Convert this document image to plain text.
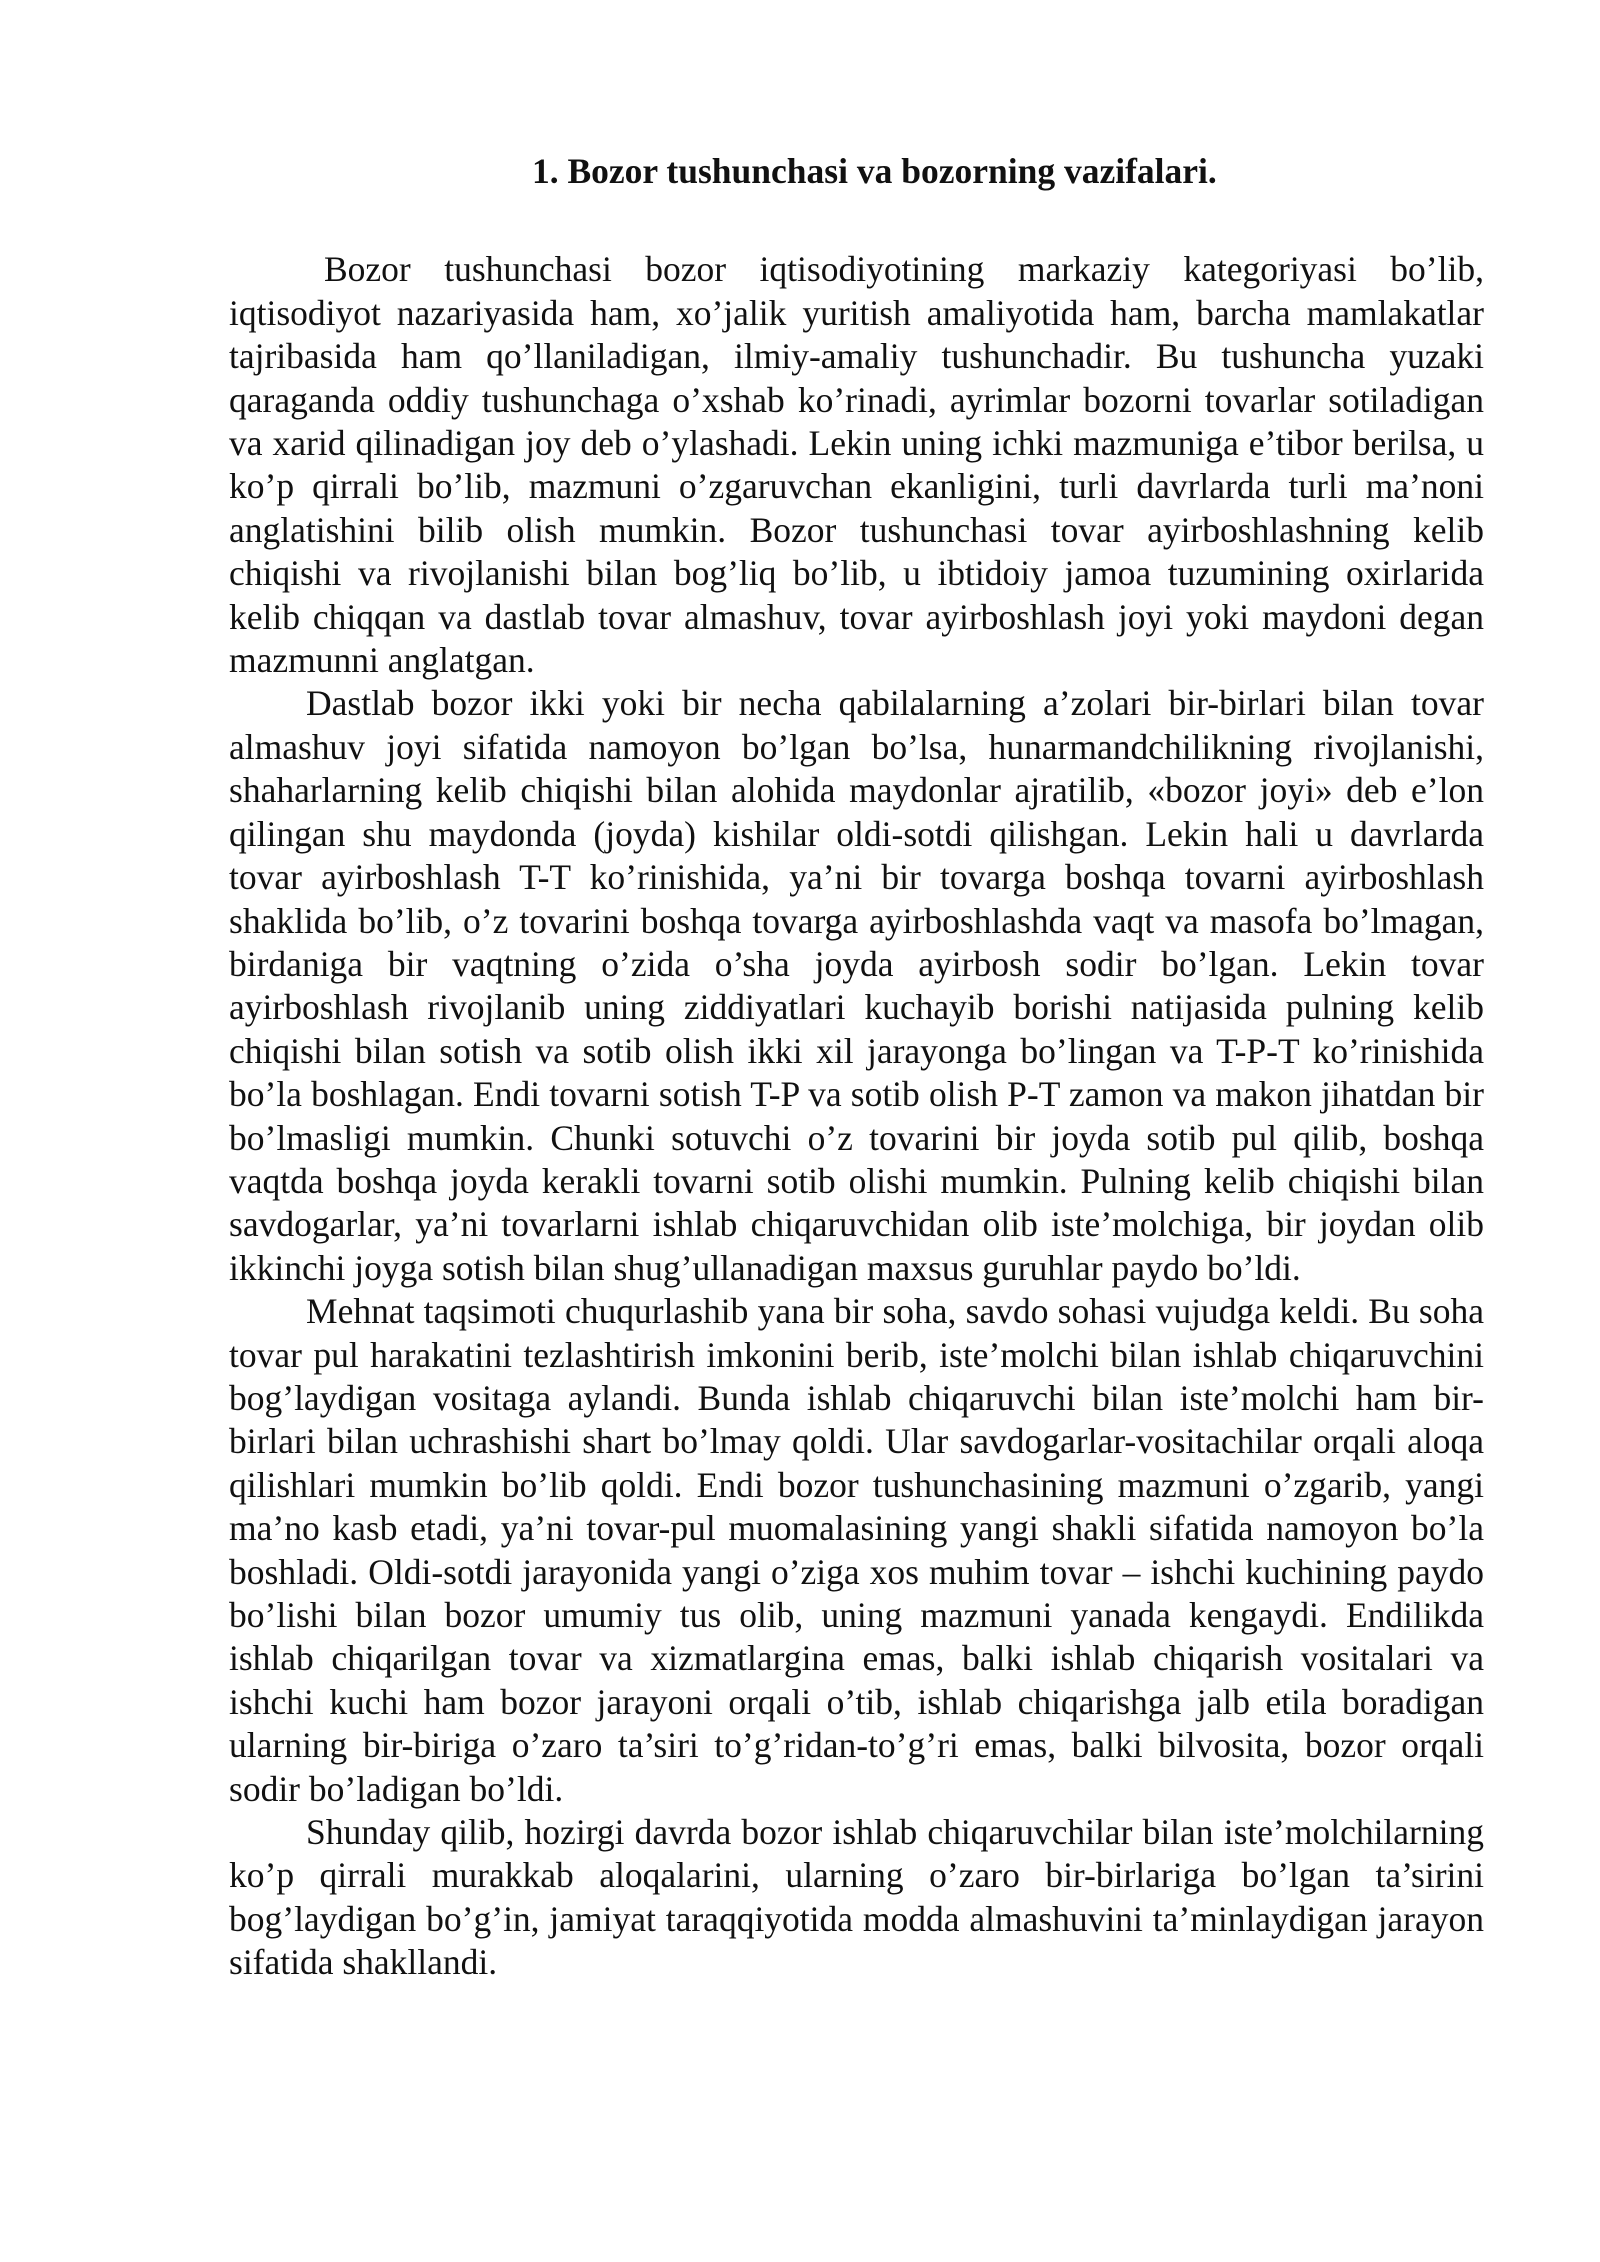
1. Bozor tushunchasi va bozorning vazifalari.

Bozor tushunchasi bozor iqtisodiyotining markaziy kategoriyasi bo’lib, iqtisodiyot nazariyasida ham, xo’jalik yuritish amaliyotida ham, barcha mamlakatlar tajribasida ham qo’llaniladigan, ilmiy-amaliy tushunchadir. Bu tushuncha yuzaki qaraganda oddiy tushunchaga o’xshab ko’rinadi, ayrimlar bozorni tovarlar sotiladigan va xarid qilinadigan joy deb o’ylashadi. Lekin uning ichki mazmuniga e’tibor berilsa, u ko’p qirrali bo’lib, mazmuni o’zgaruvchan ekanligini, turli davrlarda turli ma’noni anglatishini bilib olish mumkin. Bozor tushunchasi tovar ayirboshlashning kelib chiqishi va rivojlanishi bilan bog’liq bo’lib, u ibtidoiy jamoa tuzumining oxirlarida kelib chiqqan va dastlab tovar almashuv, tovar ayirboshlash joyi yoki maydoni degan mazmunni anglatgan.

Dastlab bozor ikki yoki bir necha qabilalarning a’zolari bir-birlari bilan tovar almashuv joyi sifatida namoyon bo’lgan bo’lsa, hunarmandchilikning rivojlanishi, shaharlarning kelib chiqishi bilan alohida maydonlar ajratilib, «bozor joyi» deb e’lon qilingan shu maydonda (joyda) kishilar oldi-sotdi qilishgan. Lekin hali u davrlarda tovar ayirboshlash T-T ko’rinishida, ya’ni bir tovarga boshqa tovarni ayirboshlash shaklida bo’lib, o’z tovarini boshqa tovarga ayirboshlashda vaqt va masofa bo’lmagan, birdaniga bir vaqtning o’zida o’sha joyda ayirbosh sodir bo’lgan. Lekin tovar ayirboshlash rivojlanib uning ziddiyatlari kuchayib borishi natijasida pulning kelib chiqishi bilan sotish va sotib olish ikki xil jarayonga bo’lingan va T-P-T ko’rinishida bo’la boshlagan. Endi tovarni sotish T-P va sotib olish P-T zamon va makon jihatdan bir bo’lmasligi mumkin. Chunki sotuvchi o’z tovarini bir joyda sotib pul qilib, boshqa vaqtda boshqa joyda kerakli tovarni sotib olishi mumkin. Pulning kelib chiqishi bilan savdogarlar, ya’ni tovarlarni ishlab chiqaruvchidan olib iste’molchiga, bir joydan olib ikkinchi joyga sotish bilan shug’ullanadigan maxsus guruhlar paydo bo’ldi.

Mehnat taqsimoti chuqurlashib yana bir soha, savdo sohasi vujudga keldi. Bu soha tovar pul harakatini tezlashtirish imkonini berib, iste’molchi bilan ishlab chiqaruvchini bog’laydigan vositaga aylandi. Bunda ishlab chiqaruvchi bilan iste’molchi ham bir-birlari bilan uchrashishi shart bo’lmay qoldi. Ular savdogarlar-vositachilar orqali aloqa qilishlari mumkin bo’lib qoldi. Endi bozor tushunchasining mazmuni o’zgarib, yangi ma’no kasb etadi, ya’ni tovar-pul muomalasining yangi shakli sifatida namoyon bo’la boshladi. Oldi-sotdi jarayonida yangi o’ziga xos muhim tovar – ishchi kuchining paydo bo’lishi bilan bozor umumiy tus olib, uning mazmuni yanada kengaydi. Endilikda ishlab chiqarilgan tovar va xizmatlargina emas, balki ishlab chiqarish vositalari va ishchi kuchi ham bozor jarayoni orqali o’tib, ishlab chiqarishga jalb etila boradigan ularning bir-biriga o’zaro ta’siri to’g’ridan-to’g’ri emas, balki bilvosita, bozor orqali sodir bo’ladigan bo’ldi.

Shunday qilib, hozirgi davrda bozor ishlab chiqaruvchilar bilan iste’molchilarning ko’p qirrali murakkab aloqalarini, ularning o’zaro bir-birlariga bo’lgan ta’sirini bog’laydigan bo’g’in, jamiyat taraqqiyotida modda almashuvini ta’minlaydigan jarayon sifatida shakllandi.
